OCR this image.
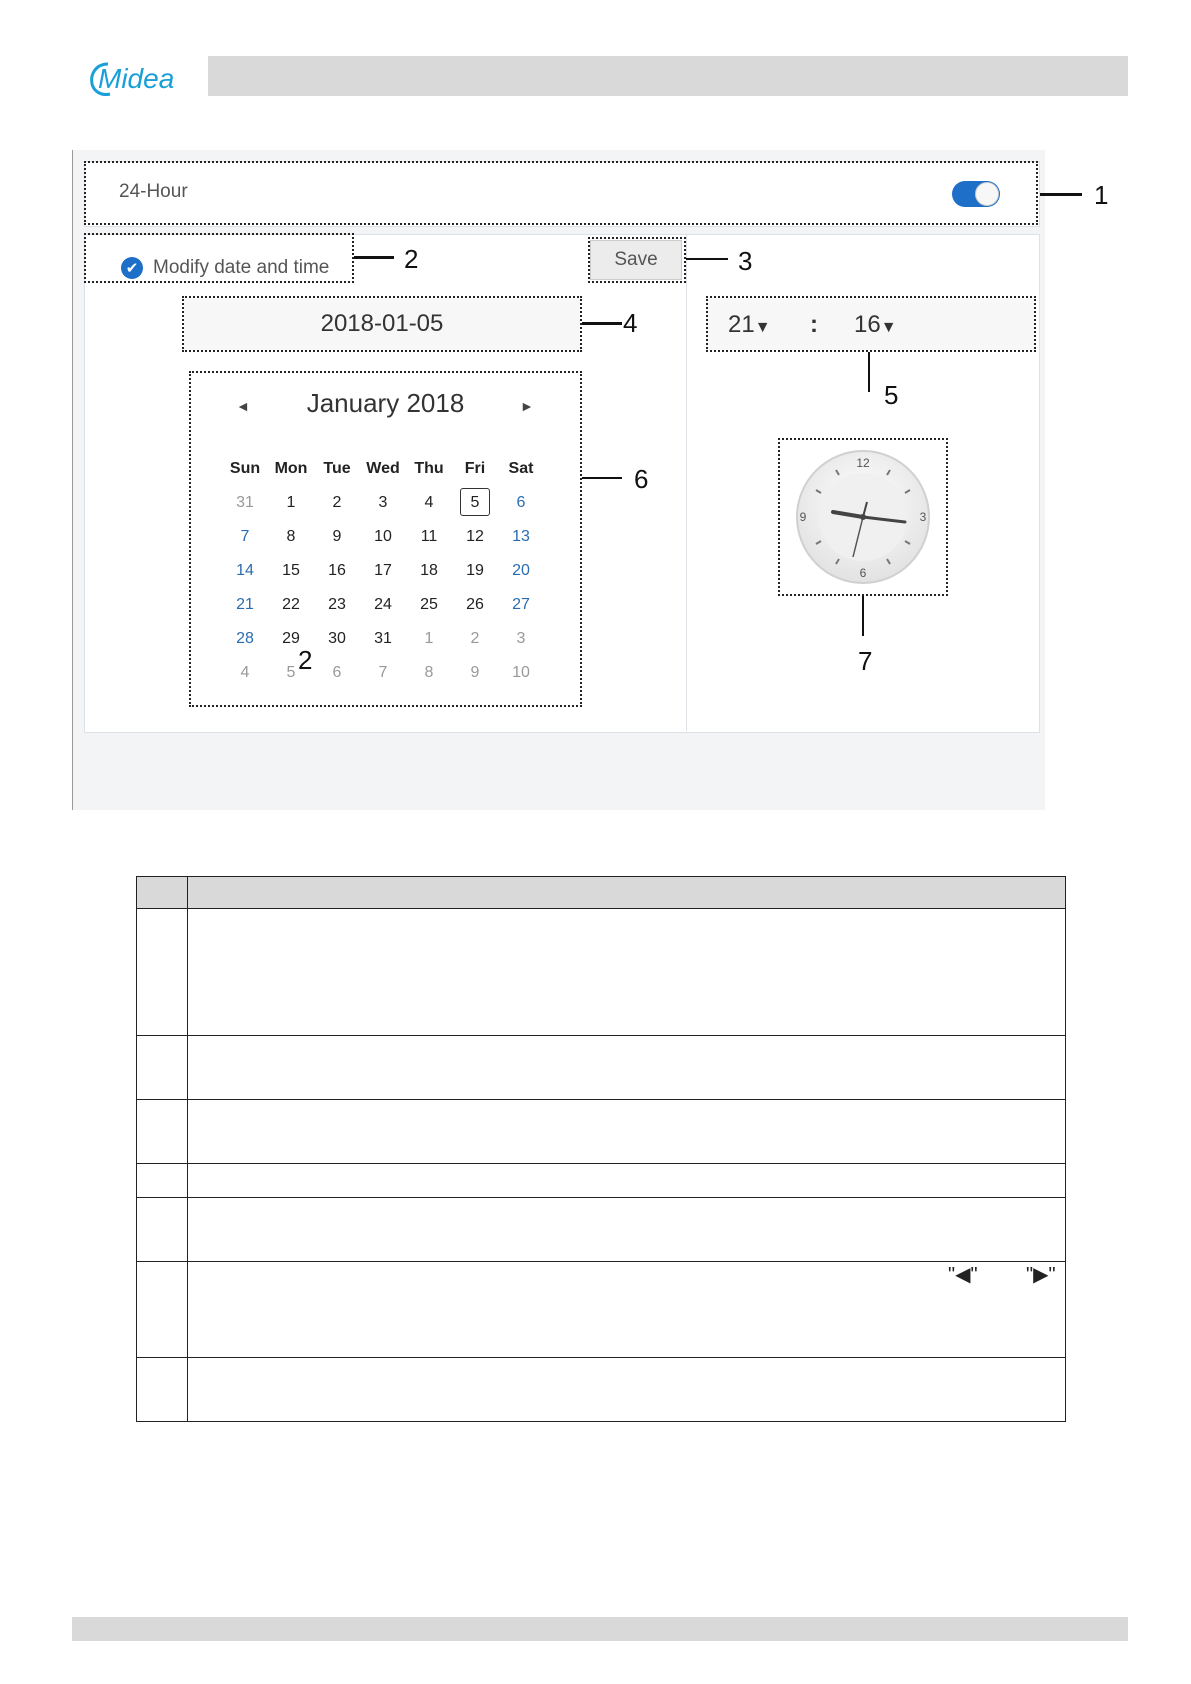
Midea
24-Hour
✔ Modify date and time	Save
2018-01-05	21▼ : 16▼
◄	January 2018	►
Sun Mon Tue Wed Thu	Fri	Sat
31	1	2	3	4	5	6
7	8	9	10	11	12	13
14	15	16	17	18	19	20
21	22	23	24	25	26	27
28	29	30	31	1	2	3
4	5	6	7	8	9	10
12
3
6
9
1
2	3
4
5
6
7
2
"◀" "▶"
